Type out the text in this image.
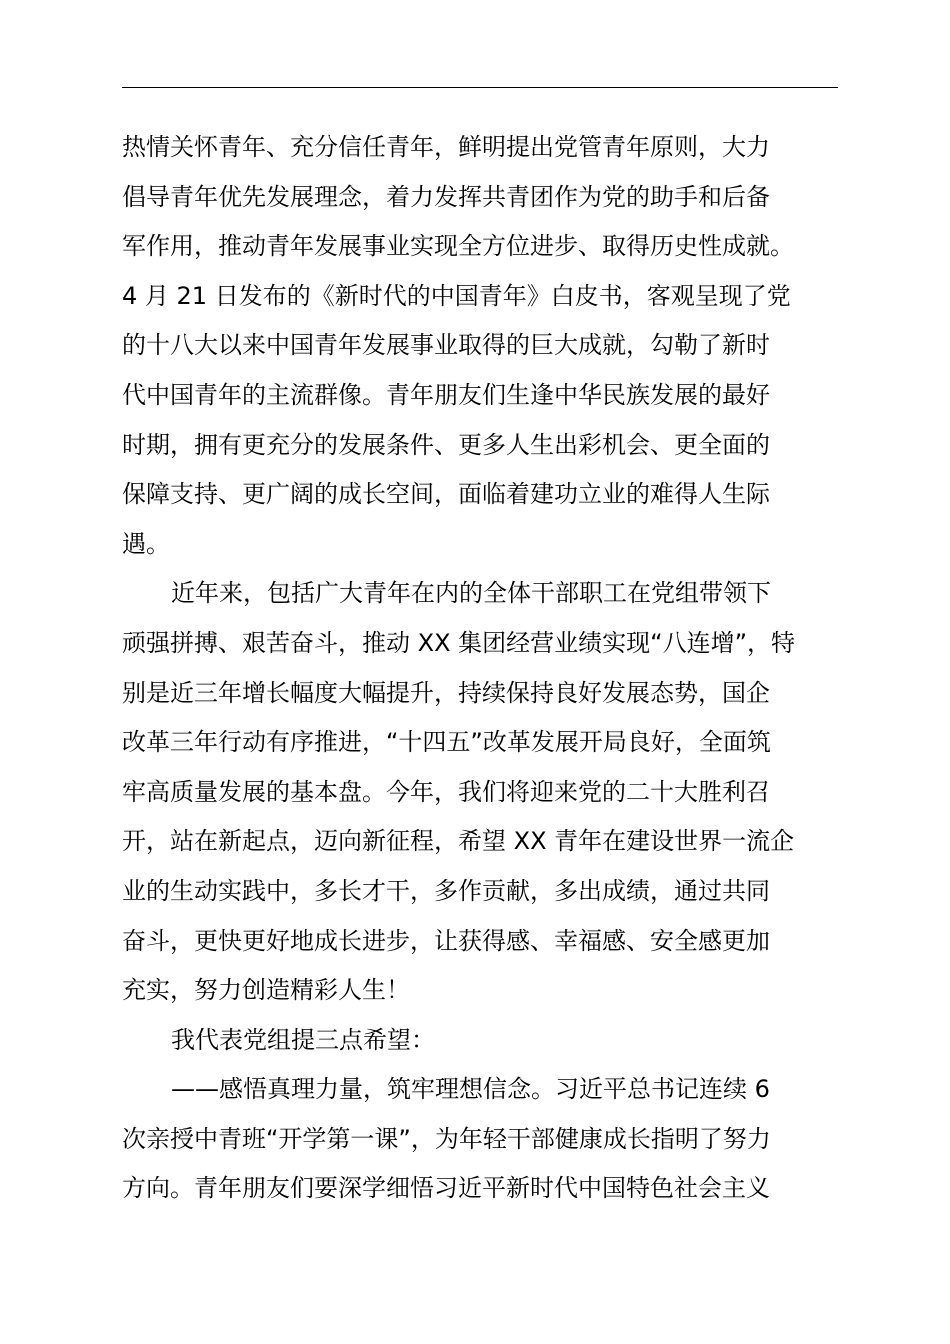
热情关怀青年、充分信任青年，鲜明提出党管青年原则，大力
倡导青年优先发展理念，着力发挥共青团作为党的助手和后备
军作用，推动青年发展事业实现全方位进步、取得历史性成就。
4 月 21 日发布的《新时代的中国青年》白皮书，客观呈现了党
的十八大以来中国青年发展事业取得的巨大成就，勾勒了新时
代中国青年的主流群像。青年朋友们生逢中华民族发展的最好
时期，拥有更充分的发展条件、更多人生出彩机会、更全面的
保障支持、更广阔的成长空间，面临着建功立业的难得人生际
遇。
近年来，包括广大青年在内的全体干部职工在党组带领下
顽强拼搏、艰苦奋斗，推动 XX 集团经营业绩实现“八连增”，特
别是近三年增长幅度大幅提升，持续保持良好发展态势，国企
改革三年行动有序推进，“十四五”改革发展开局良好，全面筑
牢高质量发展的基本盘。今年，我们将迎来党的二十大胜利召
开，站在新起点，迈向新征程，希望 XX 青年在建设世界一流企
业的生动实践中，多长才干，多作贡献，多出成绩，通过共同
奋斗，更快更好地成长进步，让获得感、幸福感、安全感更加
充实，努力创造精彩人生！
我代表党组提三点希望：
——感悟真理力量，筑牢理想信念。习近平总书记连续 6
次亲授中青班“开学第一课”，为年轻干部健康成长指明了努力
方向。青年朋友们要深学细悟习近平新时代中国特色社会主义
